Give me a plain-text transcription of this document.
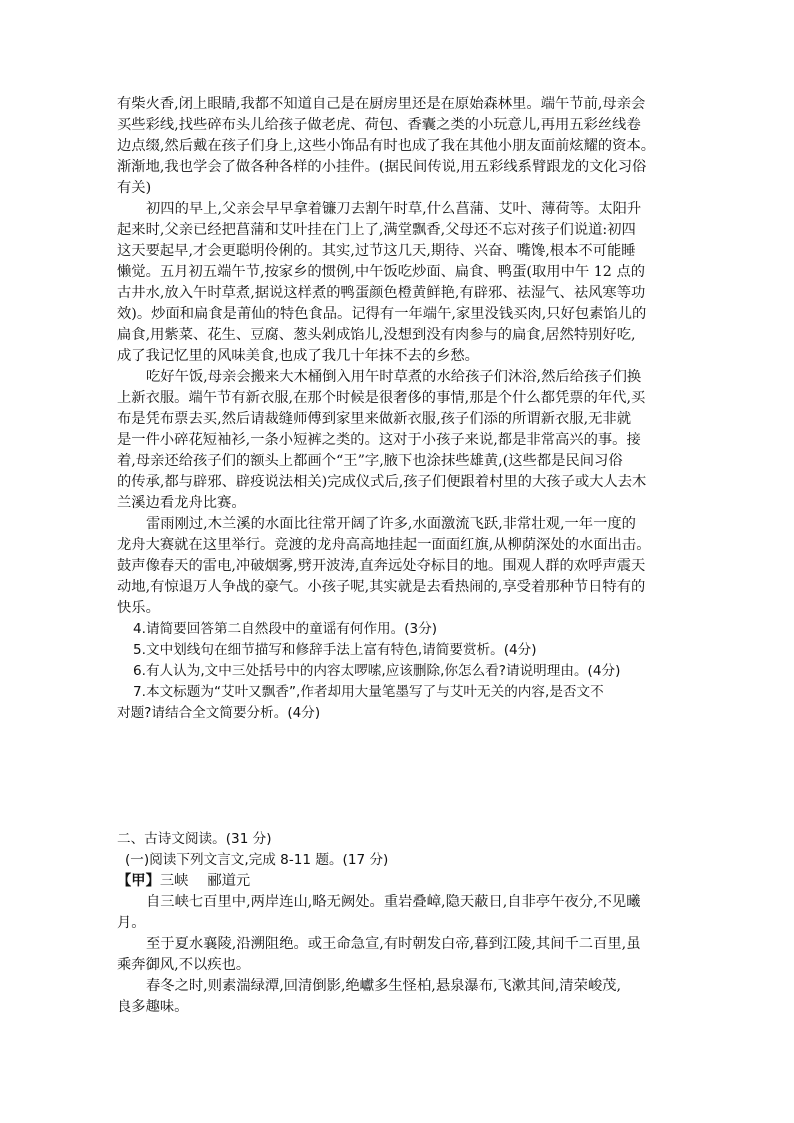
有柴火香,闭上眼睛,我都不知道自己是在厨房里还是在原始森林里。端午节前,母亲会
买些彩线,找些碎布头儿给孩子做老虎、荷包、香囊之类的小玩意儿,再用五彩丝线卷
边点缀,然后戴在孩子们身上,这些小饰品有时也成了我在其他小朋友面前炫耀的资本。
渐渐地,我也学会了做各种各样的小挂件。(据民间传说,用五彩线系臂跟龙的文化习俗
有关)
初四的早上,父亲会早早拿着镰刀去割午时草,什么菖蒲、艾叶、薄荷等。太阳升
起来时,父亲已经把菖蒲和艾叶挂在门上了,满堂飘香,父母还不忘对孩子们说道:初四
这天要起早,才会更聪明伶俐的。其实,过节这几天,期待、兴奋、嘴馋,根本不可能睡
懒觉。五月初五端午节,按家乡的惯例,中午饭吃炒面、扁食、鸭蛋(取用中午 12 点的
古井水,放入午时草煮,据说这样煮的鸭蛋颜色橙黄鲜艳,有辟邪、祛湿气、祛风寒等功
效)。炒面和扁食是莆仙的特色食品。记得有一年端午,家里没钱买肉,只好包素馅儿的
扁食,用紫菜、花生、豆腐、葱头剁成馅儿,没想到没有肉参与的扁食,居然特别好吃,
成了我记忆里的风味美食,也成了我几十年抹不去的乡愁。
吃好午饭,母亲会搬来大木桶倒入用午时草煮的水给孩子们沐浴,然后给孩子们换
上新衣服。端午节有新衣服,在那个时候是很奢侈的事情,那是个什么都凭票的年代,买
布是凭布票去买,然后请裁缝师傅到家里来做新衣服,孩子们添的所谓新衣服,无非就
是一件小碎花短袖衫,一条小短裤之类的。这对于小孩子来说,都是非常高兴的事。接
着,母亲还给孩子们的额头上都画个“王”字,腋下也涂抹些雄黄,(这些都是民间习俗
的传承,都与辟邪、辟疫说法相关)完成仪式后,孩子们便跟着村里的大孩子或大人去木
兰溪边看龙舟比赛。
雷雨刚过,木兰溪的水面比往常开阔了许多,水面激流飞跃,非常壮观,一年一度的
龙舟大赛就在这里举行。竞渡的龙舟高高地挂起一面面红旗,从柳荫深处的水面出击。
鼓声像春天的雷电,冲破烟雾,劈开波涛,直奔远处夺标目的地。围观人群的欢呼声震天
动地,有惊退万人争战的豪气。小孩子呢,其实就是去看热闹的,享受着那种节日特有的
快乐。
4.请简要回答第二自然段中的童谣有何作用。(3分)
5.文中划线句在细节描写和修辞手法上富有特色,请简要赏析。(4分)
6.有人认为,文中三处括号中的内容太啰嗦,应该删除,你怎么看?请说明理由。(4分)
7.本文标题为“艾叶又飘香”,作者却用大量笔墨写了与艾叶无关的内容,是否文不
对题?请结合全文简要分析。(4分)
二、古诗文阅读。(31 分)
(一)阅读下列文言文,完成 8-11 题。(17 分)
【甲】三峡　 郦道元
自三峡七百里中,两岸连山,略无阙处。重岩叠嶂,隐天蔽日,自非亭午夜分,不见曦
月。
至于夏水襄陵,沿溯阻绝。或王命急宣,有时朝发白帝,暮到江陵,其间千二百里,虽
乘奔御风,不以疾也。
春冬之时,则素湍绿潭,回清倒影,绝巘多生怪柏,悬泉瀑布,飞漱其间,清荣峻茂,
良多趣味。
